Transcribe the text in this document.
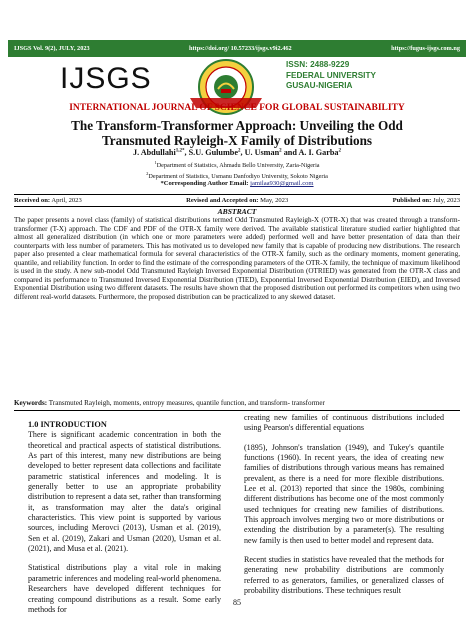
IJSGS Vol. 9(2), JULY, 2023	https://doi.org/ 10.57233/ijsgs.v9i2.462	https://fugus-ijsgs.com.ng
IJSGS	ISSN: 2488-9229
FEDERAL UNIVERSITY
GUSAU-NIGERIA
INTERNATIONAL JOURNAL OF SCIENCE FOR GLOBAL SUSTAINABILITY
The Transform-Transformer Approach: Unveiling the Odd
Transmuted Rayleigh-X Family of Distributions
J. Abdullahi$^{1,2*}$, S.U. Gulumbe$^2$, U. Usman$^2$ and A. I. Garba$^2$
$^1$Department of Statistics, Ahmadu Bello University, Zaria-Nigeria
$^2$Department of Statistics, Usmanu Danfodiyo University, Sokoto Nigeria
*Corresponding Author Email: jamilaa930@gmail.com
Received on: April, 2023	Revised and Accepted on: May, 2023	Published on: July, 2023
ABSTRACT
The paper presents a novel class (family) of statistical distributions termed Odd Transmuted Rayleigh-X (OTR-X) that was created through a transform-transformer (T-X) approach. The CDF and PDF of the OTR-X family were derived. The available statistical literature studied earlier highlighted that almost all generalized distribution (in which one or more parameters were added) performed well and have better presentation of data than their counterparts with less number of parameters. This has motivated us to developed new family that is capable of producing new distributions. The research paper also presented a clear mathematical formula for several characteristics of the OTR-X family, such as the ordinary moments, moment generating, quantile, and reliability function. In order to find the estimate of the corresponding parameters of the OTR-X family, the technique of maximum likelihood is used in the study. A new sub-model Odd Transmuted Rayleigh Inversed Exponential Distribution (OTRIED) was generated from the OTR-X class and compared its performance to Transmuted Inversed Exponential Distribution (TIED), Exponential Inversed Exponential Distribution (EIED), and Inversed Exponential Distribution using two different datasets. The results have shown that the proposed distribution out performed its competitors when using two different real-world datasets. Furthermore, the proposed distribution can be practicalized to any skewed dataset.
Keywords: Transmuted Rayleigh, moments, entropy measures, quantile function, and transform- transformer
1.0 INTRODUCTION

There is significant academic concentration in both the theoretical and practical aspects of statistical distributions. As part of this interest, many new distributions are being developed to better represent data collections and facilitate parametric statistical inferences and modeling. It is generally better to use an appropriate probability distribution to represent a data set, rather than transforming it, as transformation may alter the data's original characteristics. This view point is supported by various sources, including Merovci (2013), Usman et al. (2019), Sen et al. (2019), Zakari and Usman (2020), Usman et al. (2021), and Musa et al. (2021).

Statistical distributions play a vital role in making parametric inferences and modeling real-world phenomena. Researchers have developed different techniques for creating compound distributions as a result. Some early methods for

creating new families of continuous distributions included using Pearson's differential equations

(1895), Johnson's translation (1949), and Tukey's quantile functions (1960). In recent years, the idea of creating new families of distributions through various means has remained prevalent, as there is a need for more flexible distributions. Lee et al. (2013) reported that since the 1980s, combining different distributions has become one of the most commonly used techniques for creating new families of distributions. This approach involves merging two or more distributions or extending the distribution by a parameter(s). The resulting new family is then used to better model and represent data.

Recent studies in statistics have revealed that the methods for generating new probability distributions are commonly referred to as generators, families, or generalized classes of probability distributions. These techniques result

85
